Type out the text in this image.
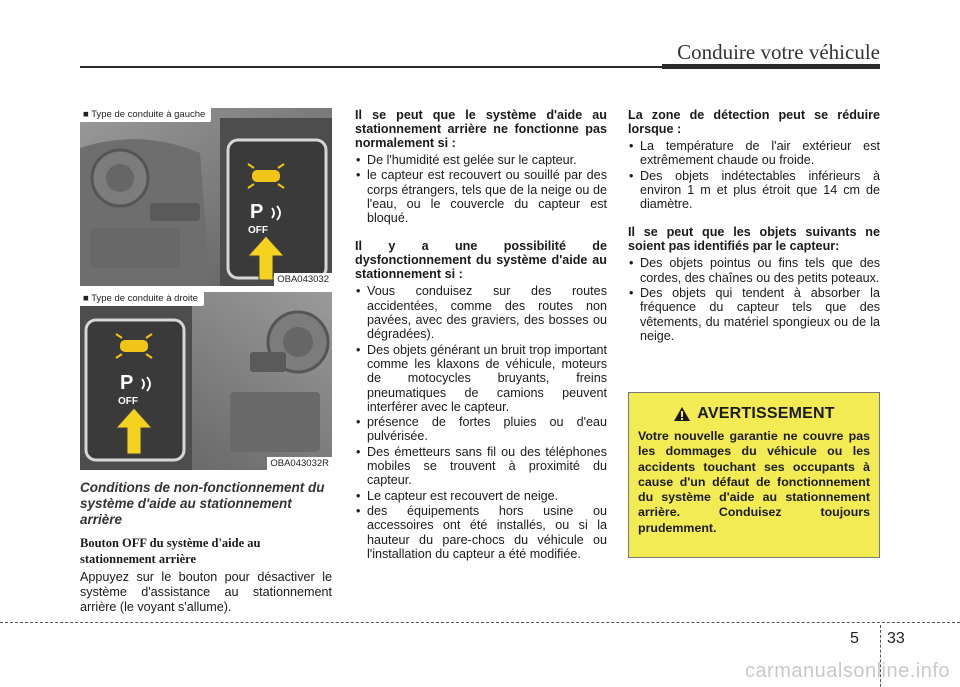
Conduire votre véhicule
P
OFF
■ Type de conduite à gauche
OBA043032
P
OFF
■ Type de conduite à droite
OBA043032R
Conditions de non-fonctionnement du système d'aide au stationnement arrière
Bouton OFF du système d'aide au stationnement arrière
Appuyez sur le bouton pour désactiver le système d'assistance au stationnement arrière (le voyant s'allume).
Il se peut que le système d'aide au stationnement arrière ne fonctionne pas normalement si :
• De l'humidité est gelée sur le capteur.
• le capteur est recouvert ou souillé par des corps étrangers, tels que de la neige ou de l'eau, ou le couvercle du capteur est bloqué.
Il y a une possibilité de dysfonctionnement du système d'aide au stationnement si :
• Vous conduisez sur des routes accidentées, comme des routes non pavées, avec des graviers, des bosses ou dégradées).
• Des objets générant un bruit trop important comme les klaxons de véhicule, moteurs de motocycles bruyants, freins pneumatiques de camions peuvent interférer avec le capteur.
• présence de fortes pluies ou d'eau pulvérisée.
• Des émetteurs sans fil ou des téléphones mobiles se trouvent à proximité du capteur.
• Le capteur est recouvert de neige.
• des équipements hors usine ou accessoires ont été installés, ou si la hauteur du pare-chocs du véhicule ou l'installation du capteur a été modifiée.
La zone de détection peut se réduire lorsque :
• La température de l'air extérieur est extrêmement chaude ou froide.
• Des objets indétectables inférieurs à environ 1 m et plus étroit que 14 cm de diamètre.
Il se peut que les objets suivants ne soient pas identifiés par le capteur:
• Des objets pointus ou fins tels que des cordes, des chaînes ou des petits poteaux.
• Des objets qui tendent à absorber la fréquence du capteur tels que des vêtements, du matériel spongieux ou de la neige.
AVERTISSEMENT
Votre nouvelle garantie ne couvre pas les dommages du véhicule ou les accidents touchant ses occupants à cause d'un défaut de fonctionnement du système d'aide au stationnement arrière. Conduisez toujours prudemment.
5 33
carmanualsonline.info
